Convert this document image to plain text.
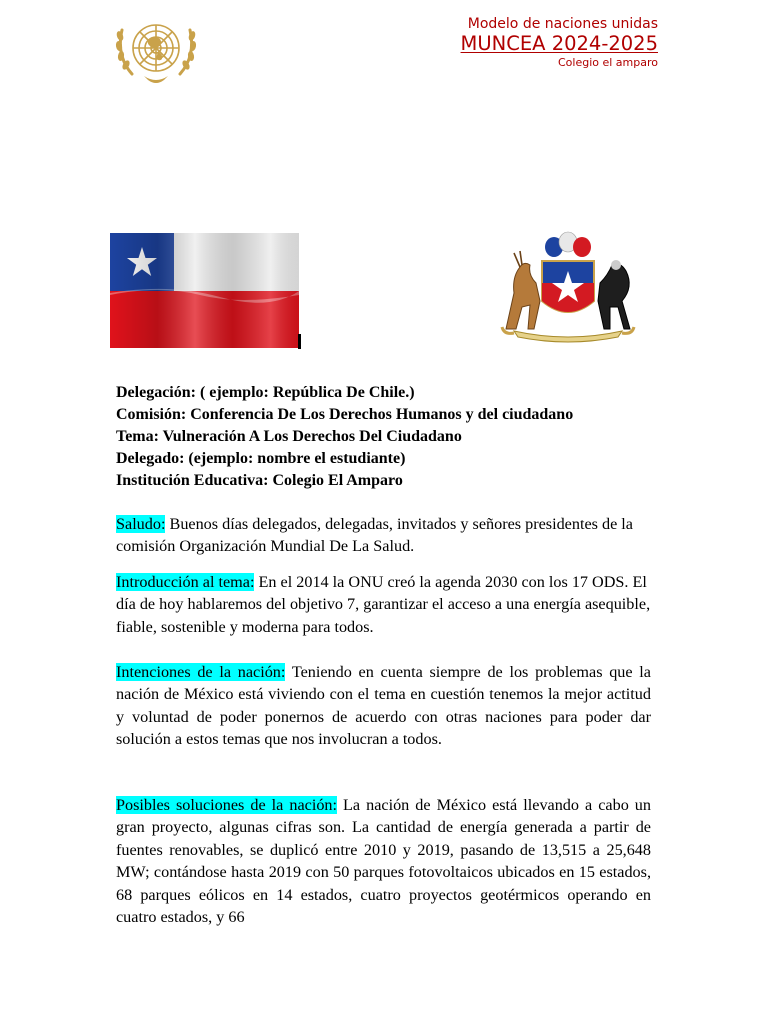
Modelo de naciones unidas
MUNCEA 2024-2025
Colegio el amparo
Delegación: ( ejemplo: República De Chile.)
Comisión: Conferencia De Los Derechos Humanos y del ciudadano
Tema: Vulneración A Los Derechos Del Ciudadano
Delegado: (ejemplo: nombre el estudiante)
Institución Educativa: Colegio El Amparo

Saludo: Buenos días delegados, delegadas, invitados y señores presidentes de la comisión Organización Mundial De La Salud.

Introducción al tema: En el 2014 la ONU creó la agenda 2030 con los 17 ODS. El día de hoy hablaremos del objetivo 7, garantizar el acceso a una energía asequible, fiable, sostenible y moderna para todos.

Intenciones de la nación: Teniendo en cuenta siempre de los problemas que la nación de México está viviendo con el tema en cuestión tenemos la mejor actitud y voluntad de poder ponernos de acuerdo con otras naciones para poder dar solución a estos temas que nos involucran a todos.

Posibles soluciones de la nación: La nación de México está llevando a cabo un gran proyecto, algunas cifras son. La cantidad de energía generada a partir de fuentes renovables, se duplicó entre 2010 y 2019, pasando de 13,515 a 25,648 MW; contándose hasta 2019 con 50 parques fotovoltaicos ubicados en 15 estados, 68 parques eólicos en 14 estados, cuatro proyectos geotérmicos operando en cuatro estados, y 66
